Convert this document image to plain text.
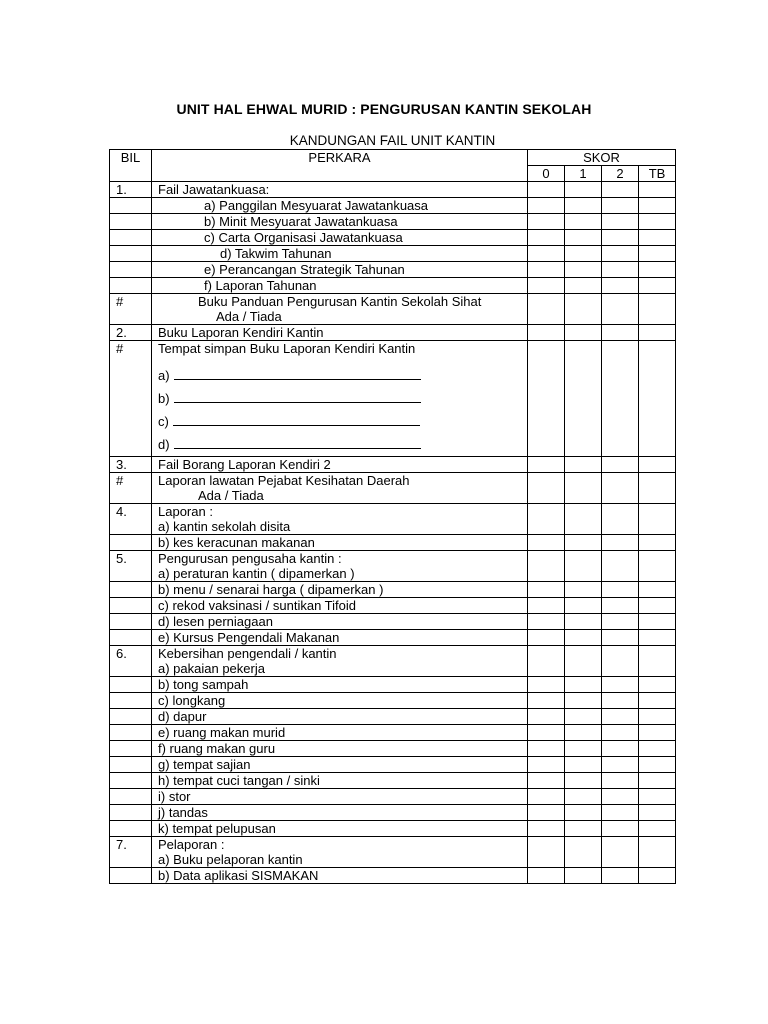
UNIT HAL EHWAL MURID : PENGURUSAN KANTIN SEKOLAH
KANDUNGAN FAIL UNIT KANTIN
BIL	PERKARA	SKOR			
		0	1	2	TB
1.	Fail Jawatankuasa:				
	a) Panggilan Mesyuarat Jawatankuasa				
	b) Minit Mesyuarat Jawatankuasa				
	c) Carta Organisasi Jawatankuasa				
	d) Takwim Tahunan				
	e) Perancangan Strategik Tahunan				
	f) Laporan Tahunan				
#	Buku Panduan Pengurusan Kantin Sekolah Sihat
Ada / Tiada				
2.	Buku Laporan Kendiri Kantin				
#	Tempat simpan Buku Laporan Kendiri Kantin
a)
b)
c)
d)				

3.	Fail Borang Laporan Kendiri 2				
#	Laporan lawatan Pejabat Kesihatan Daerah
Ada / Tiada				
4.	Laporan :
a) kantin sekolah disita				
	b) kes keracunan makanan				
5.	Pengurusan pengusaha kantin :
a) peraturan kantin ( dipamerkan )				
	b) menu / senarai harga ( dipamerkan )				
	c) rekod vaksinasi / suntikan Tifoid				
	d) lesen perniagaan				
	e) Kursus Pengendali Makanan				
6.	Kebersihan pengendali / kantin
a) pakaian pekerja				
	b) tong sampah				
	c) longkang				
	d) dapur				
	e) ruang makan murid				
	f) ruang makan guru				
	g) tempat sajian				
	h) tempat cuci tangan / sinki				
	i) stor				
	j) tandas				
	k) tempat pelupusan				
7.	Pelaporan :
a) Buku pelaporan kantin				
	b) Data aplikasi SISMAKAN				
